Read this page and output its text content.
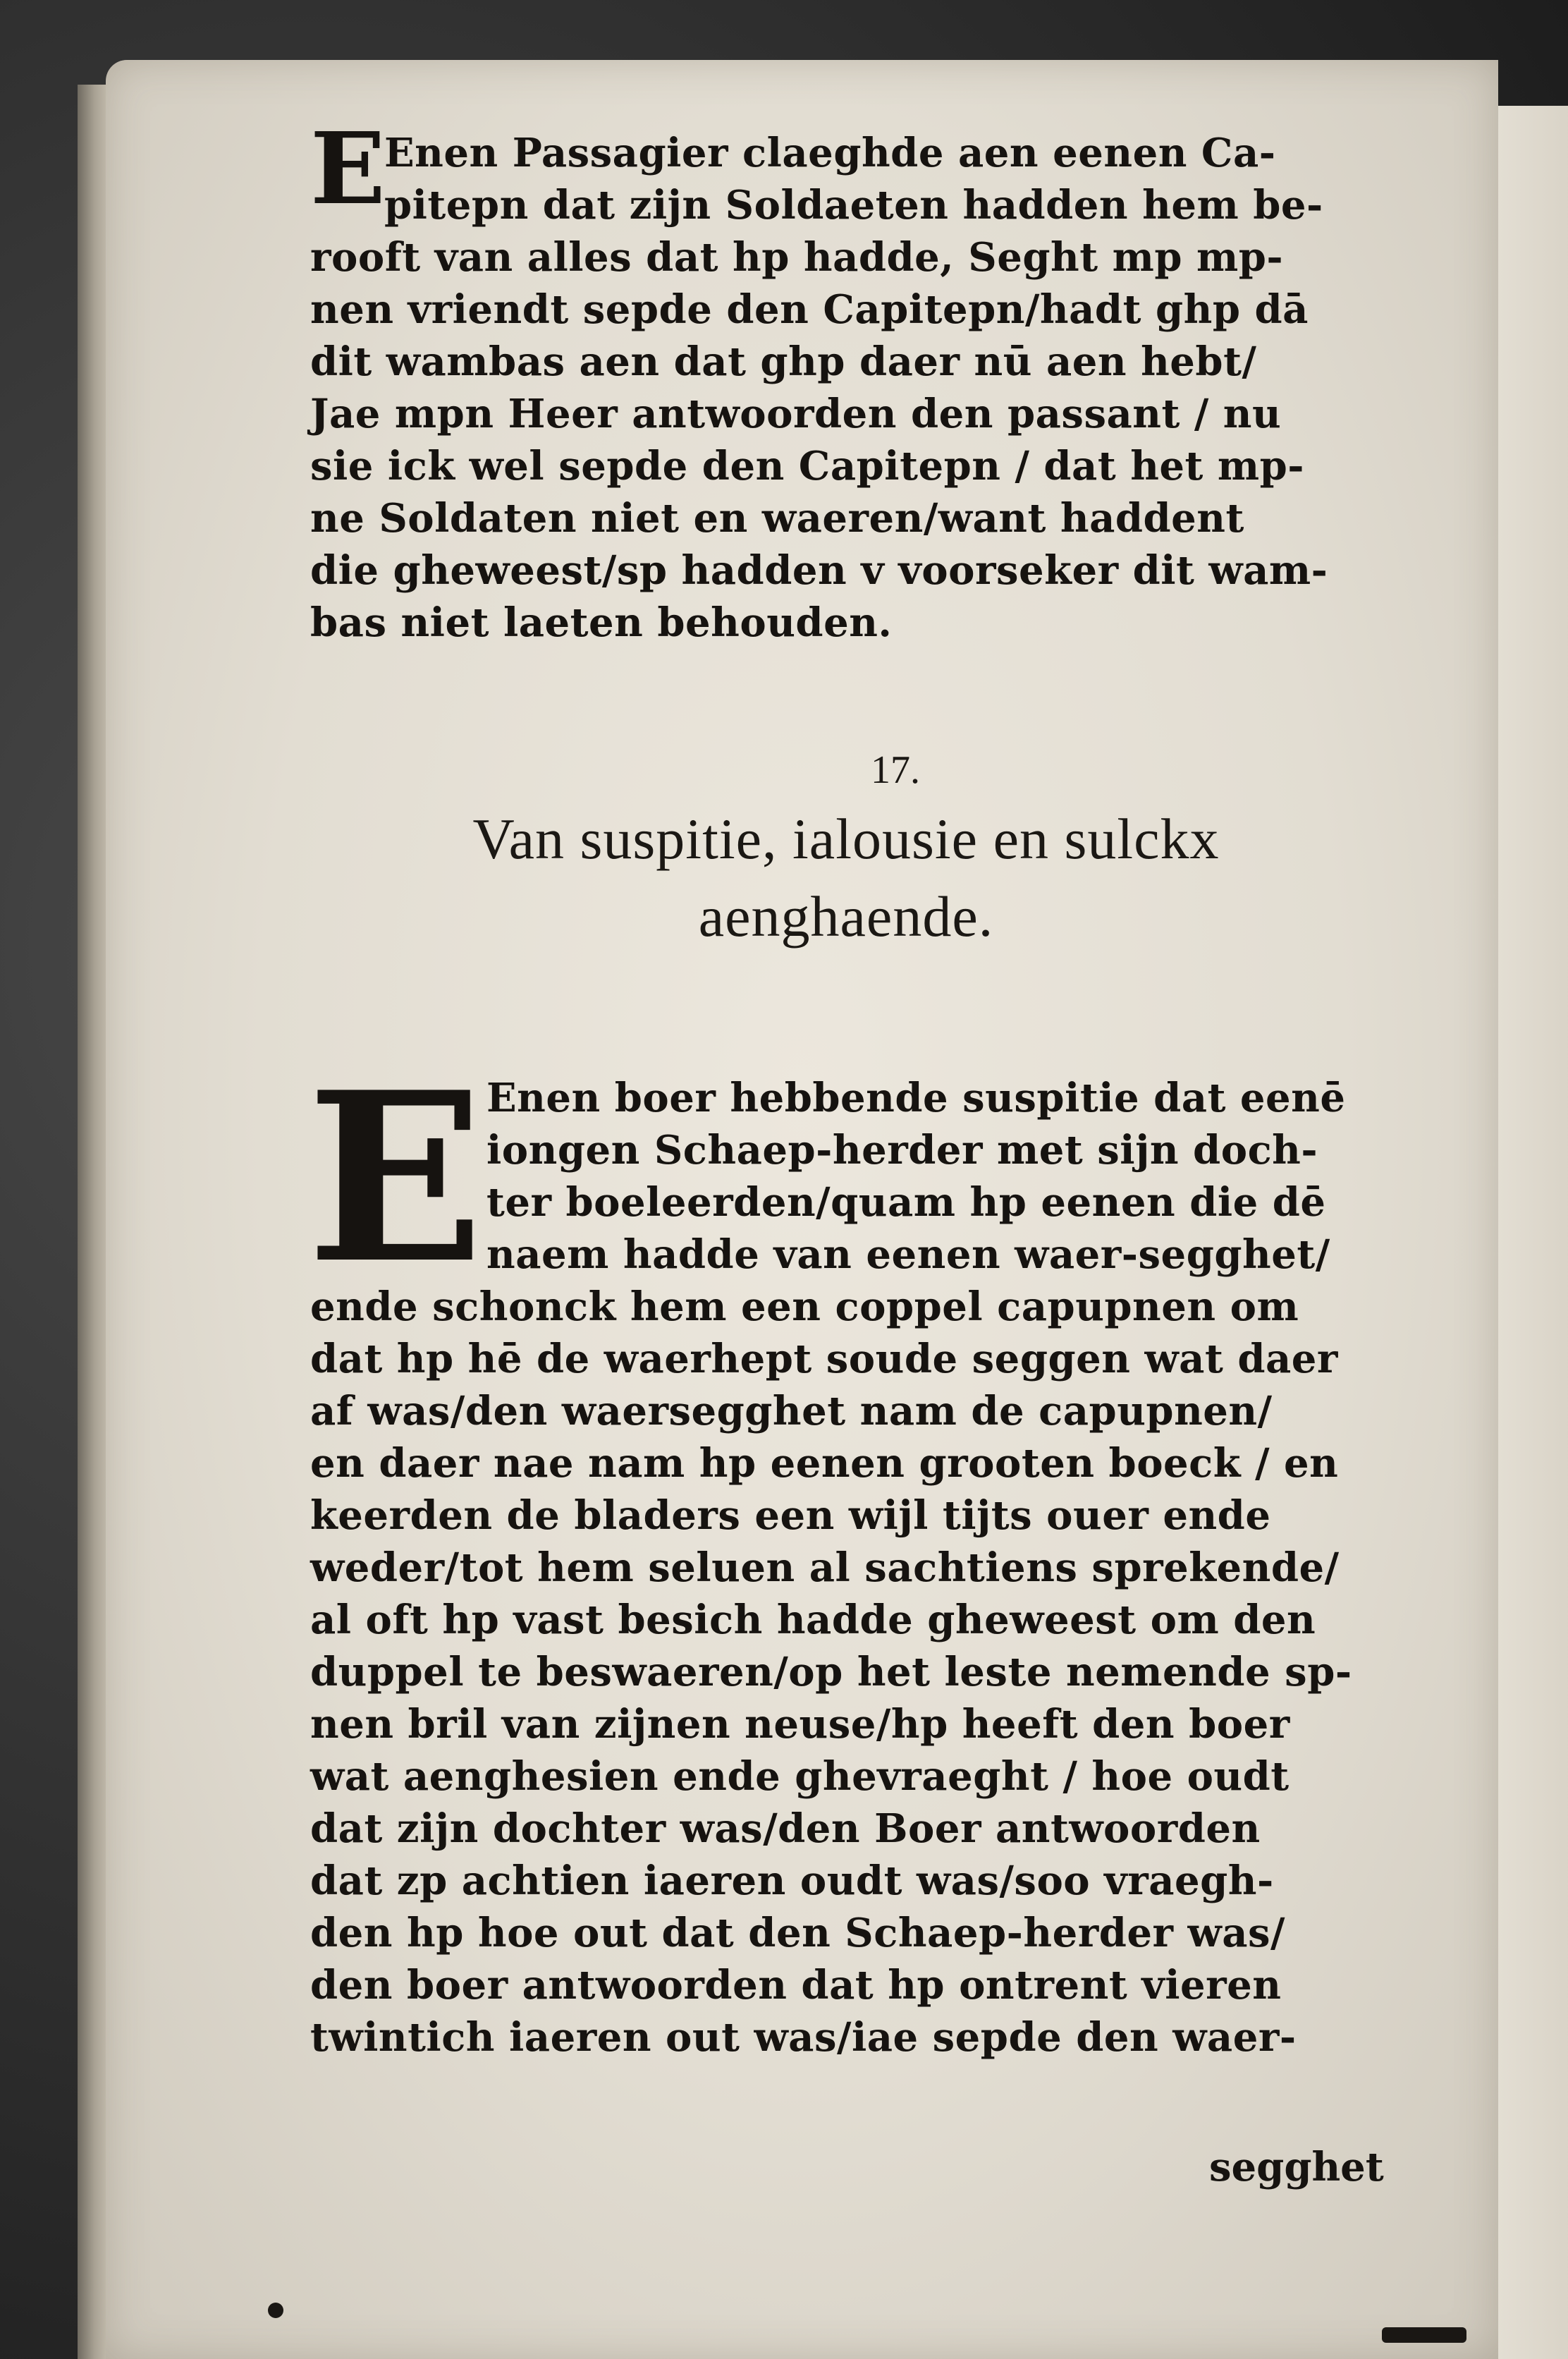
E
Enen Passagier claeghde aen eenen Ca-
pitepn dat zijn Soldaeten hadden hem be-
rooft van alles dat hp hadde, Seght mp mp-
nen vriendt sepde den Capitepn/hadt ghp dā
dit wambas aen dat ghp daer nū aen hebt/
Jae mpn Heer antwoorden den passant / nu
sie ick wel sepde den Capitepn / dat het mp-
ne Soldaten niet en waeren/want haddent
die gheweest/sp hadden v voorseker dit wam-
bas niet laeten behouden.
17.
Van suspitie, ialousie en sulckx
aenghaende.
E Enen boer hebbende suspitie dat eenē
iongen Schaep-herder met sijn doch-
ter boeleerden/quam hp eenen die dē
naem hadde van eenen waer-segghet/
ende schonck hem een coppel capupnen om
dat hp hē de waerhept soude seggen wat daer
af was/den waersegghet nam de capupnen/
en daer nae nam hp eenen grooten boeck / en
keerden de bladers een wijl tijts ouer ende
weder/tot hem seluen al sachtiens sprekende/
al oft hp vast besich hadde gheweest om den
duppel te beswaeren/op het leste nemende sp-
nen bril van zijnen neuse/hp heeft den boer
wat aenghesien ende ghevraeght / hoe oudt
dat zijn dochter was/den Boer antwoorden
dat zp achtien iaeren oudt was/soo vraegh-
den hp hoe out dat den Schaep-herder was/
den boer antwoorden dat hp ontrent vieren
twintich iaeren out was/iae sepde den waer-
segghet
